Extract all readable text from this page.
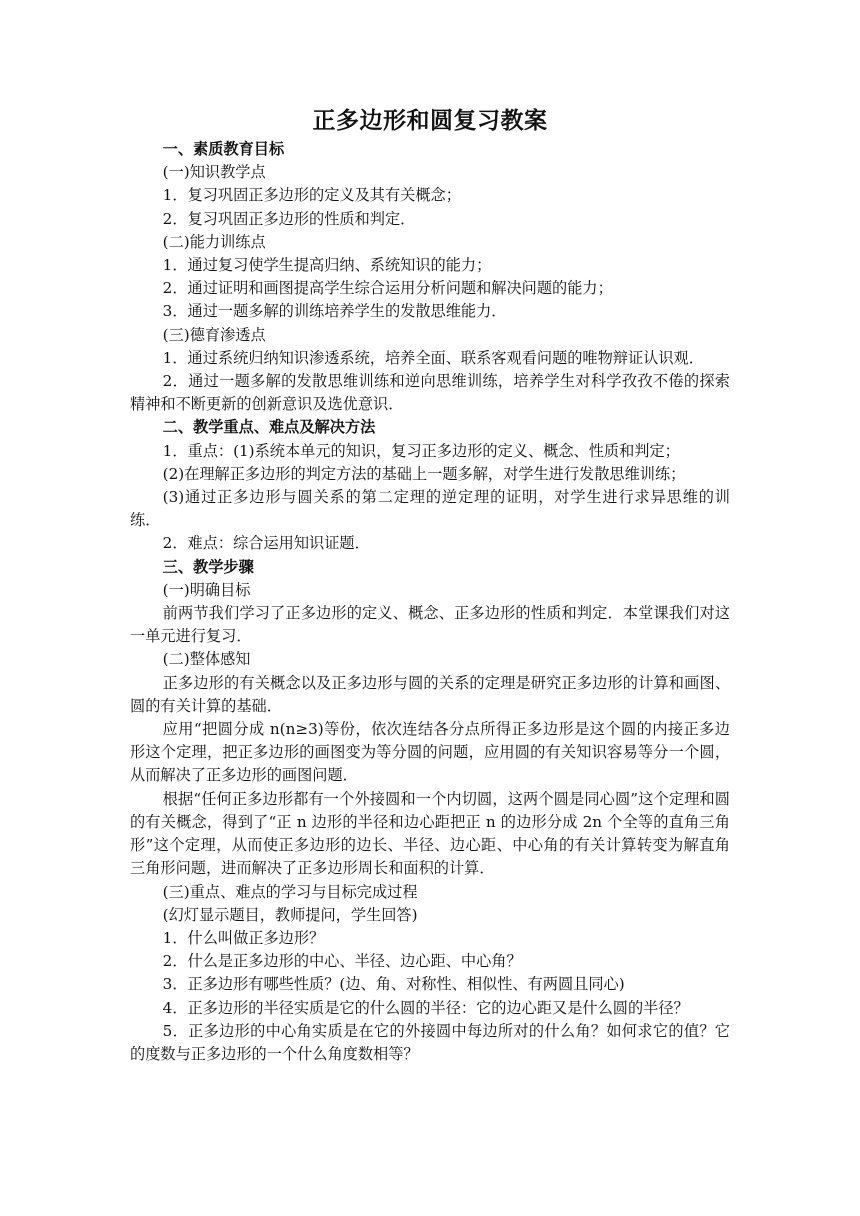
正多边形和圆复习教案

一、素质教育目标

(一)知识教学点

1．复习巩固正多边形的定义及其有关概念；

2．复习巩固正多边形的性质和判定．

(二)能力训练点

1．通过复习使学生提高归纳、系统知识的能力；

2．通过证明和画图提高学生综合运用分析问题和解决问题的能力；

3．通过一题多解的训练培养学生的发散思维能力．

(三)德育渗透点

1．通过系统归纳知识渗透系统，培养全面、联系客观看问题的唯物辩证认识观．

2．通过一题多解的发散思维训练和逆向思维训练，培养学生对科学孜孜不倦的探索精神和不断更新的创新意识及选优意识．

二、教学重点、难点及解决方法

1．重点：(1)系统本单元的知识，复习正多边形的定义、概念、性质和判定；

(2)在理解正多边形的判定方法的基础上一题多解，对学生进行发散思维训练；

(3)通过正多边形与圆关系的第二定理的逆定理的证明，对学生进行求异思维的训练．

2．难点：综合运用知识证题．

三、教学步骤

(一)明确目标

前两节我们学习了正多边形的定义、概念、正多边形的性质和判定．本堂课我们对这一单元进行复习．

(二)整体感知

正多边形的有关概念以及正多边形与圆的关系的定理是研究正多边形的计算和画图、圆的有关计算的基础．

应用“把圆分成 n(n≥3)等份，依次连结各分点所得正多边形是这个圆的内接正多边形这个定理，把正多边形的画图变为等分圆的问题，应用圆的有关知识容易等分一个圆，从而解决了正多边形的画图问题．

根据“任何正多边形都有一个外接圆和一个内切圆，这两个圆是同心圆”这个定理和圆的有关概念，得到了“正 n 边形的半径和边心距把正 n 的边形分成 2n 个全等的直角三角形”这个定理，从而使正多边形的边长、半径、边心距、中心角的有关计算转变为解直角三角形问题，进而解决了正多边形周长和面积的计算．

(三)重点、难点的学习与目标完成过程

(幻灯显示题目，教师提问，学生回答)

1．什么叫做正多边形？

2．什么是正多边形的中心、半径、边心距、中心角？

3．正多边形有哪些性质？(边、角、对称性、相似性、有两圆且同心)

4．正多边形的半径实质是它的什么圆的半径：它的边心距又是什么圆的半径？

5．正多边形的中心角实质是在它的外接圆中每边所对的什么角？如何求它的值？它的度数与正多边形的一个什么角度数相等？
